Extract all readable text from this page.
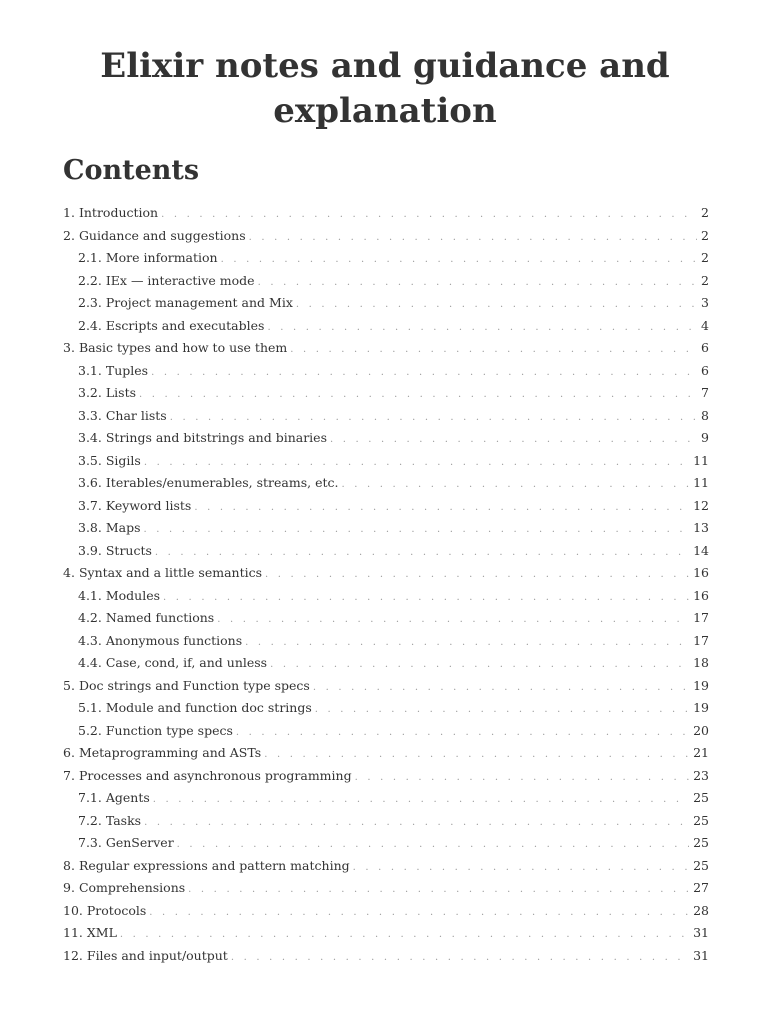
Elixir notes and guidance and explanation
Contents
1. Introduction . . .	2
2. Guidance and suggestions . . .	2
2.1. More information . . .	2
2.2. IEx — interactive mode . . .	2
2.3. Project management and Mix . . .	3
2.4. Escripts and executables . . .	4
3. Basic types and how to use them . . .	6
3.1. Tuples . . .	6
3.2. Lists . . .	7
3.3. Char lists . . .	8
3.4. Strings and bitstrings and binaries . . .	9
3.5. Sigils . . .	11
3.6. Iterables/enumerables, streams, etc. . . .	11
3.7. Keyword lists . . .	12
3.8. Maps . . .	13
3.9. Structs . . .	14
4. Syntax and a little semantics . . .	16
4.1. Modules . . .	16
4.2. Named functions . . .	17
4.3. Anonymous functions . . .	17
4.4. Case, cond, if, and unless . . .	18
5. Doc strings and Function type specs . . .	19
5.1. Module and function doc strings . . .	19
5.2. Function type specs . . .	20
6. Metaprogramming and ASTs . . .	21
7. Processes and asynchronous programming . . .	23
7.1. Agents . . .	25
7.2. Tasks . . .	25
7.3. GenServer . . .	25
8. Regular expressions and pattern matching . . .	25
9. Comprehensions . . .	27
10. Protocols . . .	28
11. XML . . .	31
12. Files and input/output . . .	31
